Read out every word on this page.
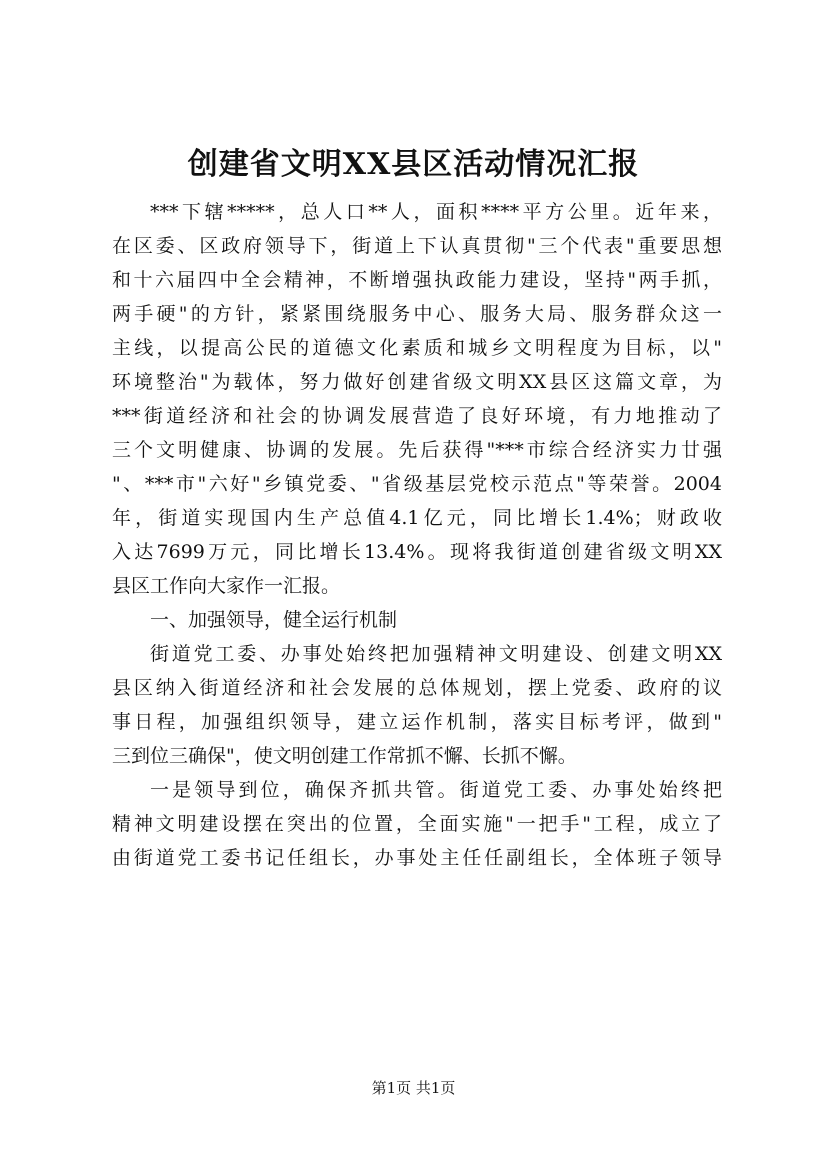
创建省文明XX县区活动情况汇报
***下辖*****，总人口**人，面积****平方公里。近年来，
在区委、区政府领导下，街道上下认真贯彻"三个代表"重要思想
和十六届四中全会精神，不断增强执政能力建设，坚持"两手抓，
两手硬"的方针，紧紧围绕服务中心、服务大局、服务群众这一
主线，以提高公民的道德文化素质和城乡文明程度为目标，以"
环境整治"为载体，努力做好创建省级文明XX县区这篇文章，为
***街道经济和社会的协调发展营造了良好环境，有力地推动了
三个文明健康、协调的发展。先后获得"***市综合经济实力廿强
"、***市"六好"乡镇党委、"省级基层党校示范点"等荣誉。2004
年，街道实现国内生产总值4.1亿元，同比增长1.4%；财政收
入达7699万元，同比增长13.4%。现将我街道创建省级文明XX
县区工作向大家作一汇报。
一、加强领导，健全运行机制
街道党工委、办事处始终把加强精神文明建设、创建文明XX
县区纳入街道经济和社会发展的总体规划，摆上党委、政府的议
事日程，加强组织领导，建立运作机制，落实目标考评，做到"
三到位三确保"，使文明创建工作常抓不懈、长抓不懈。
一是领导到位，确保齐抓共管。街道党工委、办事处始终把
精神文明建设摆在突出的位置，全面实施"一把手"工程，成立了
由街道党工委书记任组长，办事处主任任副组长，全体班子领导
第1页 共1页
